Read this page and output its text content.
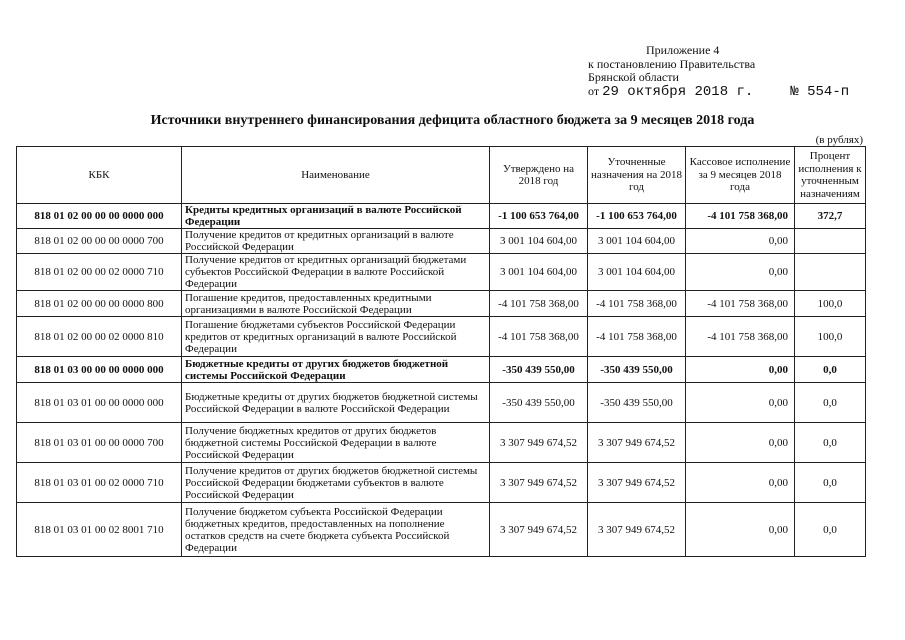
Приложение 4
к постановлению Правительства
Брянской области
от 29 октября 2018 г.	№ 554-п
Источники внутреннего финансирования дефицита областного бюджета за 9 месяцев 2018 года
(в рублях)
КБК	Наименование	Утверждено на 2018 год	Уточненные назначения на 2018 год	Кассовое исполнение за 9 месяцев 2018 года	Процент исполнения к уточненным назначениям
818 01 02 00 00 00 0000 000	Кредиты кредитных организаций в валюте Российской Федерации	-1 100 653 764,00	-1 100 653 764,00	-4 101 758 368,00	372,7
818 01 02 00 00 00 0000 700	Получение кредитов от кредитных организаций в валюте Российской Федерации	3 001 104 604,00	3 001 104 604,00	0,00	
818 01 02 00 00 02 0000 710	Получение кредитов от кредитных организаций бюджетами субъектов Российской Федерации в валюте Российской Федерации	3 001 104 604,00	3 001 104 604,00	0,00	
818 01 02 00 00 00 0000 800	Погашение кредитов, предоставленных кредитными организациями в валюте Российской Федерации	-4 101 758 368,00	-4 101 758 368,00	-4 101 758 368,00	100,0
818 01 02 00 00 02 0000 810	Погашение бюджетами субъектов Российской Федерации кредитов от кредитных организаций в валюте Российской Федерации	-4 101 758 368,00	-4 101 758 368,00	-4 101 758 368,00	100,0
818 01 03 00 00 00 0000 000	Бюджетные кредиты от других бюджетов бюджетной системы Российской Федерации	-350 439 550,00	-350 439 550,00	0,00	0,0
818 01 03 01 00 00 0000 000	Бюджетные кредиты от других бюджетов бюджетной системы Российской Федерации в валюте Российской Федерации	-350 439 550,00	-350 439 550,00	0,00	0,0
818 01 03 01 00 00 0000 700	Получение бюджетных кредитов от других бюджетов бюджетной системы Российской Федерации в валюте Российской Федерации	3 307 949 674,52	3 307 949 674,52	0,00	0,0
818 01 03 01 00 02 0000 710	Получение кредитов от других бюджетов бюджетной системы Российской Федерации бюджетами субъектов в валюте Российской Федерации	3 307 949 674,52	3 307 949 674,52	0,00	0,0
818 01 03 01 00 02 8001 710	Получение бюджетом субъекта Российской Федерации бюджетных кредитов, предоставленных на пополнение остатков средств на счете бюджета субъекта Российской Федерации	3 307 949 674,52	3 307 949 674,52	0,00	0,0
